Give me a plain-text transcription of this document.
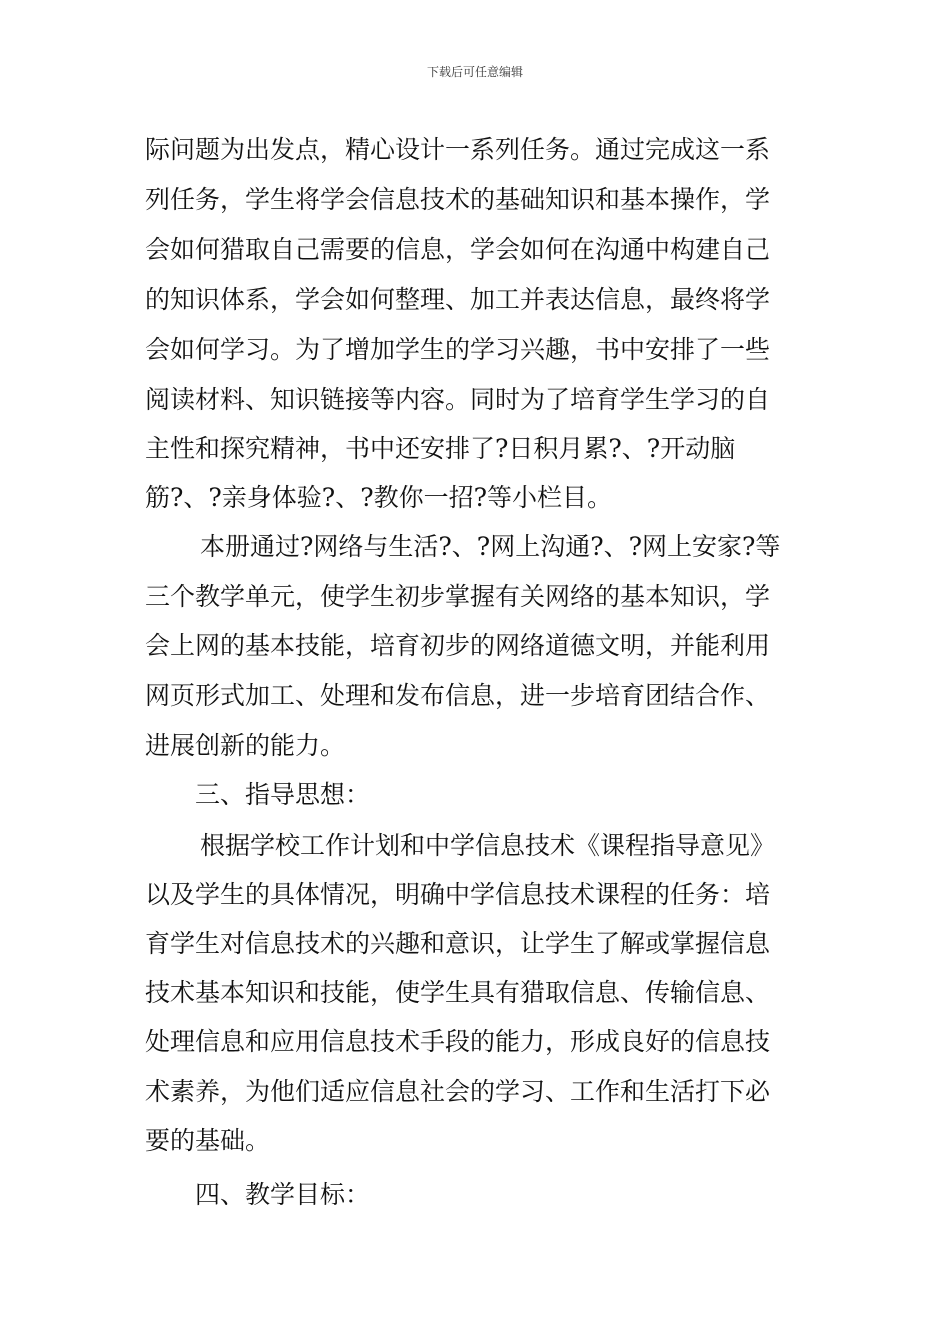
下载后可任意编辑
际问题为出发点，精心设计一系列任务。通过完成这一系
列任务，学生将学会信息技术的基础知识和基本操作，学
会如何猎取自己需要的信息，学会如何在沟通中构建自己
的知识体系，学会如何整理、加工并表达信息，最终将学
会如何学习。为了增加学生的学习兴趣，书中安排了一些
阅读材料、知识链接等内容。同时为了培育学生学习的自
主性和探究精神，书中还安排了?日积月累?、?开动脑
筋?、?亲身体验?、?教你一招?等小栏目。
本册通过?网络与生活?、?网上沟通?、?网上安家?等
三个教学单元，使学生初步掌握有关网络的基本知识，学
会上网的基本技能，培育初步的网络道德文明，并能利用
网页形式加工、处理和发布信息，进一步培育团结合作、
进展创新的能力。
三、指导思想：
根据学校工作计划和中学信息技术《课程指导意见》
以及学生的具体情况，明确中学信息技术课程的任务：培
育学生对信息技术的兴趣和意识，让学生了解或掌握信息
技术基本知识和技能，使学生具有猎取信息、传输信息、
处理信息和应用信息技术手段的能力，形成良好的信息技
术素养，为他们适应信息社会的学习、工作和生活打下必
要的基础。
四、教学目标：
